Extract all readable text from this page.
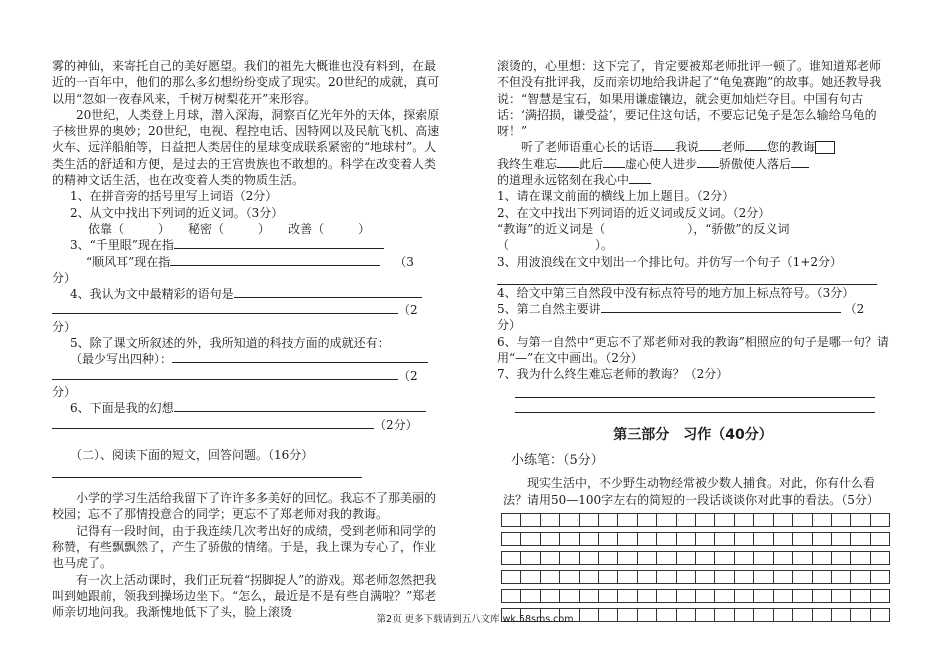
雾的神仙，来寄托自己的美好愿望。我们的祖先大概谁也没有料到，在最近的一百年中，他们的那么多幻想纷纷变成了现实。20世纪的成就，真可以用“忽如一夜春风来，千树万树梨花开”来形容。

20世纪，人类登上月球，潜入深海，洞察百亿光年外的天体，探索原子核世界的奥妙；20世纪，电视、程控电话、因特网以及民航飞机、高速火车、远洋船舶等，日益把人类居住的星球变成联系紧密的“地球村”。人类生活的舒适和方便，是过去的王宫贵族也不敢想的。科学在改变着人类的精神文话生活，也在改变着人类的物质生活。

1、在拼音旁的括号里写上词语（2分）

2、从文中找出下列词的近义词。（3分）

依靠（	） 秘密（	） 改善（	）

3、“千里眼”现在指

“顺风耳”现在指	（3

分）

4、我认为文中最精彩的语句是

（2

分）

5、除了课文所叙述的外，我所知道的科技方面的成就还有：

（最少写出四种）：

（2

分）

6、下面是我的幻想

（2分）

（二）、阅读下面的短文，回答问题。（16分）

小学的学习生活给我留下了许许多多美好的回忆。我忘不了那美丽的校园；忘不了那情投意合的同学；更忘不了郑老师对我的教诲。

记得有一段时间，由于我连续几次考出好的成绩，受到老师和同学的称赞，有些飘飘然了，产生了骄傲的情绪。于是，我上课为专心了，作业也马虎了。

有一次上活动课时，我们正玩着“拐脚捉人”的游戏。郑老师忽然把我叫到她跟前，领我到操场边坐下。“怎么，最近是不是有些自满啦？”郑老师亲切地问我。我渐愧地低下了头，脸上滚烫

滚烫的，心里想：这下完了，肯定要被郑老师批评一顿了。谁知道郑老师不但没有批评我，反而亲切地给我讲起了“龟兔赛跑”的故事。她还教导我说：“智慧是宝石，如果用谦虚镶边，就会更加灿烂夺目。中国有句古话：‘满招损，谦受益’，要记住这句话，不要忘记兔子是怎么输给乌龟的呀！”

听了老师语重心长的话语 我说 老师 您的教诲

我终生难忘 此后 虚心使人进步 骄傲使人落后

的道理永远铭刻在我心中

1、请在课文前面的横线上加上题目。（2分）

2、在文中找出下列词语的近义词或反义词。（2分）

“教诲”的近义词是（	），“骄傲”的反义词

（	）。

3、用波浪线在文中划出一个排比句。并仿写一个句子（1+2分）

4、给文中第三自然段中没有标点符号的地方加上标点符号。（3分）

5、第二自然主要讲	（2

分）

6、与第一自然中“更忘不了郑老师对我的教诲”相照应的句子是哪一句？请用“—”在文中画出。（2分）

7、我为什么终生难忘老师的教诲？（2分）

第三部分　习作（40分）

小练笔：（5分）

现实生活中，不少野生动物经常被少数人捕食。对此，你有什么看法？请用50—100字左右的简短的一段话谈谈你对此事的看法。（5分）

第2页 更多下载请到五八文库 wk.58sms.com
